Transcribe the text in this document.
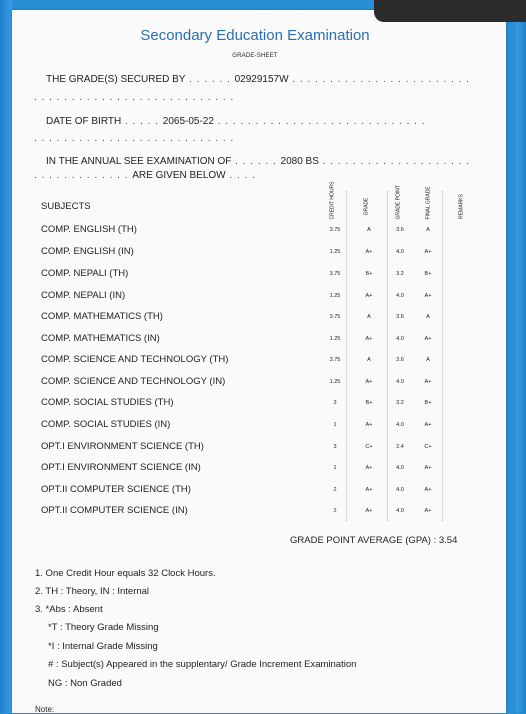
Secondary Education Examination
GRADE-SHEET
THE GRADE(S) SECURED BY . . . . . . 02929157W . . . . . . . . . . . . . . . . . . . . . . . .
. . . . . . . . . . . . . . . . . . . . . . . . . . .
DATE OF BIRTH . . . . . 2065-05-22 . . . . . . . . . . . . . . . . . . . . . . . . . . . .
. . . . . . . . . . . . . . . . . . . . . . . . . . .
IN THE ANNUAL SEE EXAMINATION OF . . . . . . 2080 BS . . . . . . . . . . . . . . . . . . . .
. . . . . . . . . . . . . ARE GIVEN BELOW . . . .
SUBJECTS	CREDIT HOURS	GRADE	GRADE POINT	FINAL GRADE	REMARKS
COMP. ENGLISH (TH)	3.75	A	3.6	A
COMP. ENGLISH (IN)	1.25	A+	4.0	A+
COMP. NEPALI (TH)	3.75	B+	3.2	B+
COMP. NEPALI (IN)	1.25	A+	4.0	A+
COMP. MATHEMATICS (TH)	3.75	A	3.6	A
COMP. MATHEMATICS (IN)	1.25	A+	4.0	A+
COMP. SCIENCE AND TECHNOLOGY (TH)	3.75	A	3.6	A
COMP. SCIENCE AND TECHNOLOGY (IN)	1.25	A+	4.0	A+
COMP. SOCIAL STUDIES (TH)	3	B+	3.2	B+
COMP. SOCIAL STUDIES (IN)	1	A+	4.0	A+
OPT.I ENVIRONMENT SCIENCE (TH)	3	C+	2.4	C+
OPT.I ENVIRONMENT SCIENCE (IN)	1	A+	4.0	A+
OPT.II COMPUTER SCIENCE (TH)	2	A+	4.0	A+
OPT.II COMPUTER SCIENCE (IN)	2	A+	4.0	A+
GRADE POINT AVERAGE (GPA) : 3.54
1. One Credit Hour equals 32 Clock Hours.
2. TH : Theory, IN : Internal
3. *Abs : Absent
*T : Theory Grade Missing
*I : Internal Grade Missing
# : Subject(s) Appeared in the supplentary/ Grade Increment Examination
NG : Non Graded
Note:
